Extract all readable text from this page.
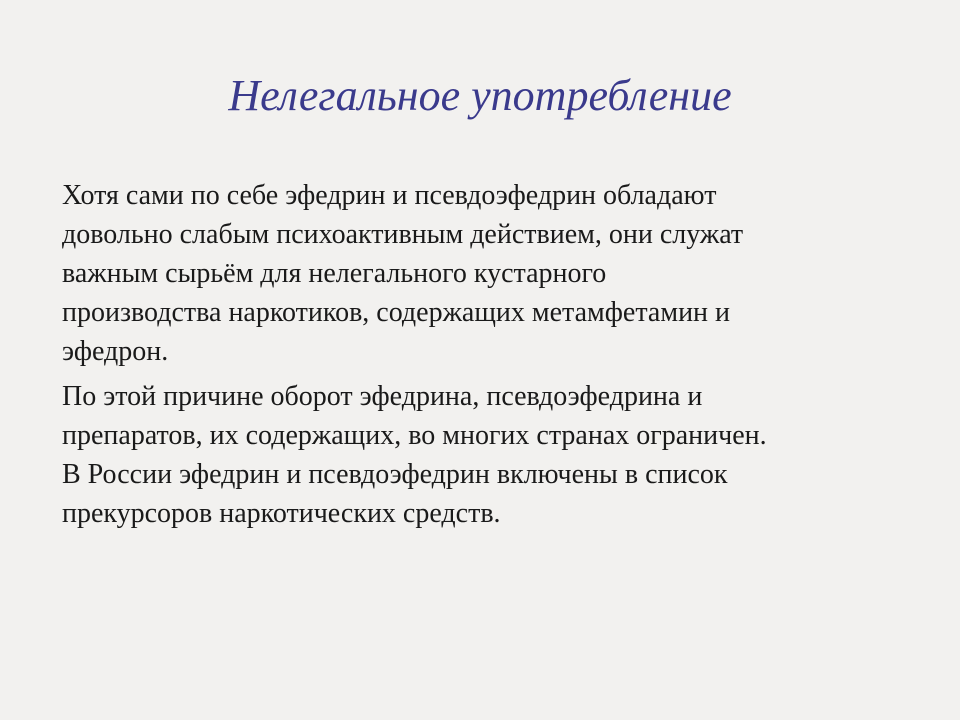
Нелегальное употребление

Хотя сами по себе эфедрин и псевдоэфедрин обладают
довольно слабым психоактивным действием, они служат
важным сырьём для нелегального кустарного
производства наркотиков, содержащих метамфетамин и
эфедрон.

По этой причине оборот эфедрина, псевдоэфедрина и
препаратов, их содержащих, во многих странах ограничен.
В России эфедрин и псевдоэфедрин включены в список
прекурсоров наркотических средств.
